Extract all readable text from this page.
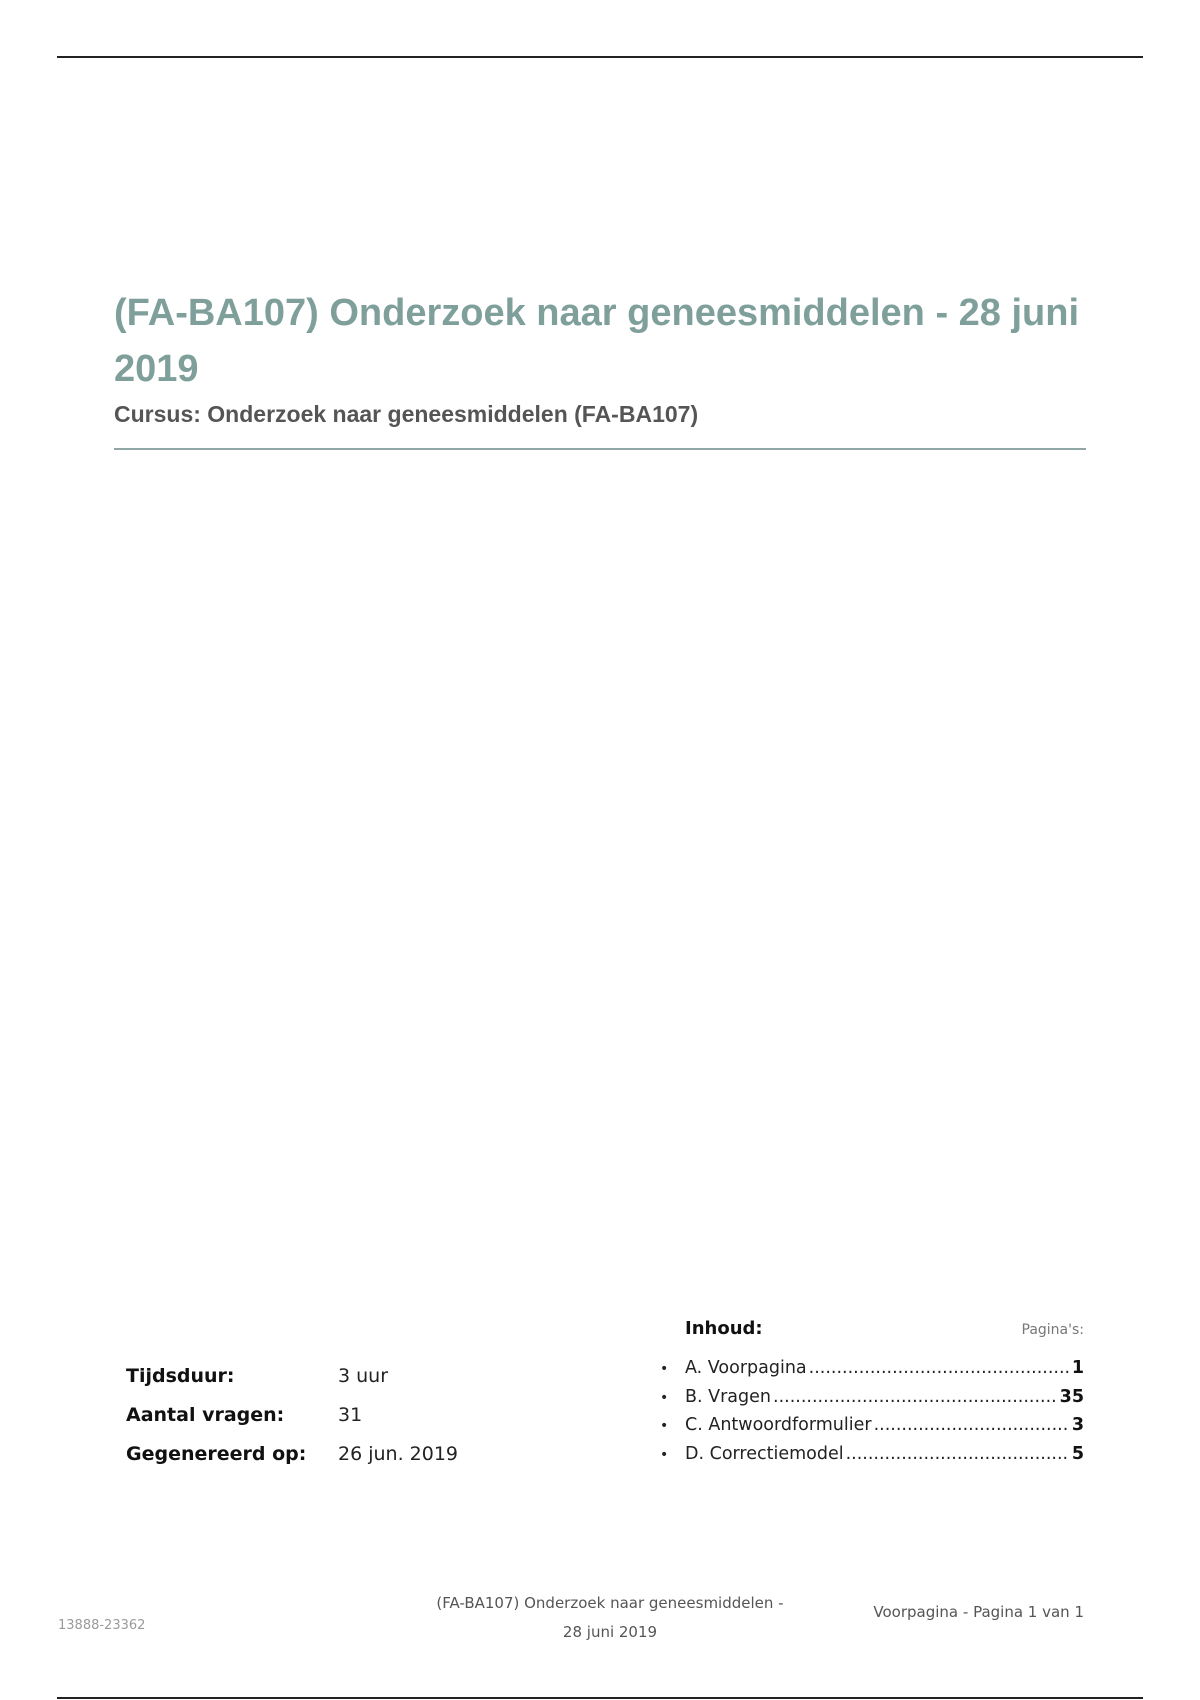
(FA-BA107) Onderzoek naar geneesmiddelen - 28 juni 2019

Cursus: Onderzoek naar geneesmiddelen (FA-BA107)

Tijdsduur:	3 uur
Aantal vragen:	31
Gegenereerd op:	26 jun. 2019
Inhoud:	Pagina's:
• A. Voorpagina .....	1
• B. Vragen .....	35
• C. Antwoordformulier .....	3
• D. Correctiemodel .....	5
13888-23362
(FA-BA107) Onderzoek naar geneesmiddelen -
28 juni 2019
Voorpagina - Pagina 1 van 1
